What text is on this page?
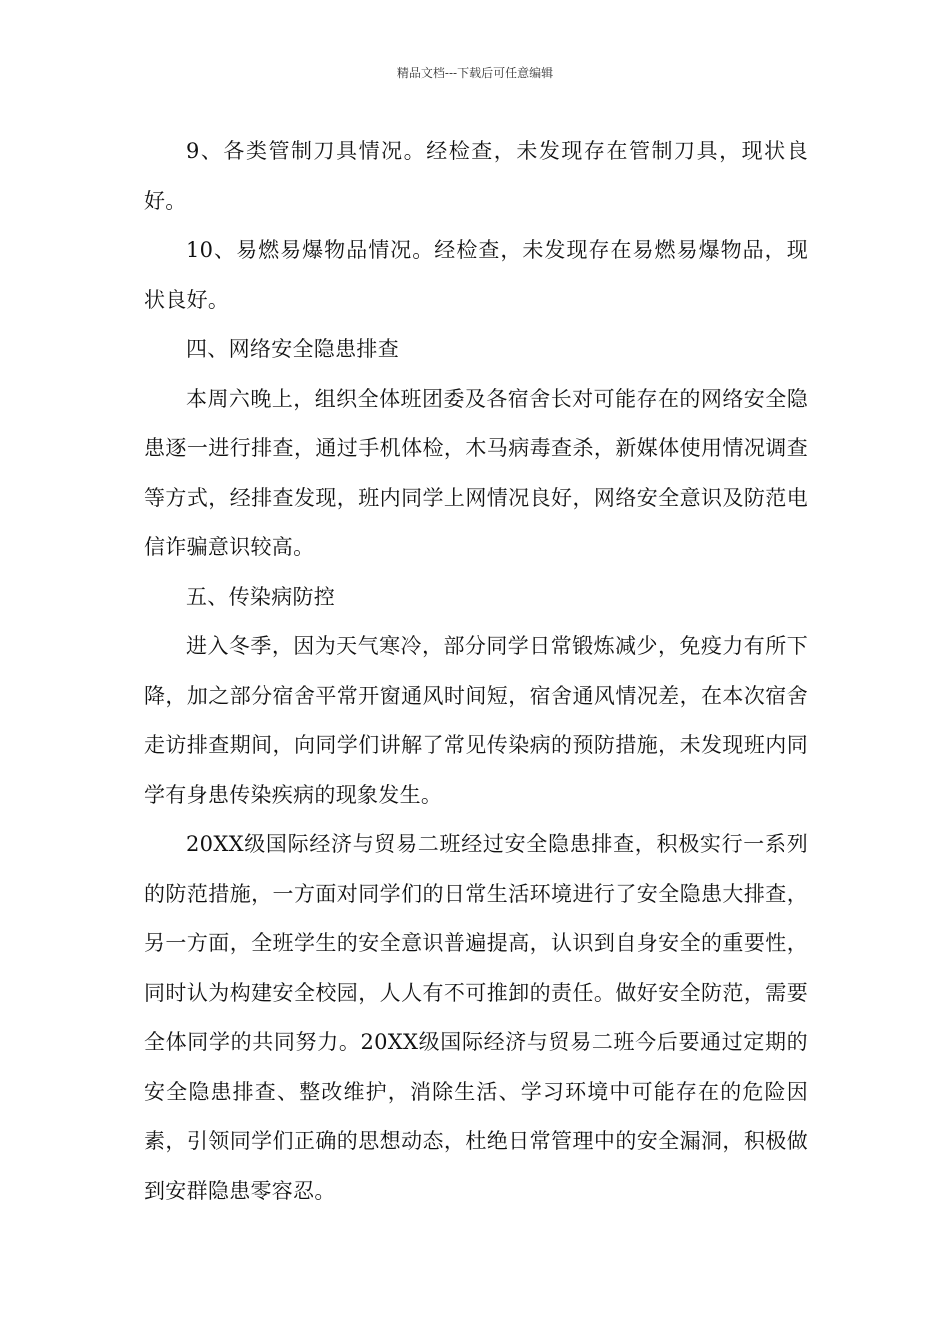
精品文档---下载后可任意编辑

9、各类管制刀具情况。经检查，未发现存在管制刀具，现状良好。

10、易燃易爆物品情况。经检查，未发现存在易燃易爆物品，现状良好。

四、网络安全隐患排查

本周六晚上，组织全体班团委及各宿舍长对可能存在的网络安全隐患逐一进行排查，通过手机体检，木马病毒查杀，新媒体使用情况调查等方式，经排查发现，班内同学上网情况良好，网络安全意识及防范电信诈骗意识较高。

五、传染病防控

进入冬季，因为天气寒冷，部分同学日常锻炼减少，免疫力有所下降，加之部分宿舍平常开窗通风时间短，宿舍通风情况差，在本次宿舍走访排查期间，向同学们讲解了常见传染病的预防措施，未发现班内同学有身患传染疾病的现象发生。

20XX级国际经济与贸易二班经过安全隐患排查，积极实行一系列的防范措施，一方面对同学们的日常生活环境进行了安全隐患大排查，另一方面，全班学生的安全意识普遍提高，认识到自身安全的重要性，同时认为构建安全校园，人人有不可推卸的责任。做好安全防范，需要全体同学的共同努力。20XX级国际经济与贸易二班今后要通过定期的安全隐患排查、整改维护，消除生活、学习环境中可能存在的危险因素，引领同学们正确的思想动态，杜绝日常管理中的安全漏洞，积极做到安群隐患零容忍。
